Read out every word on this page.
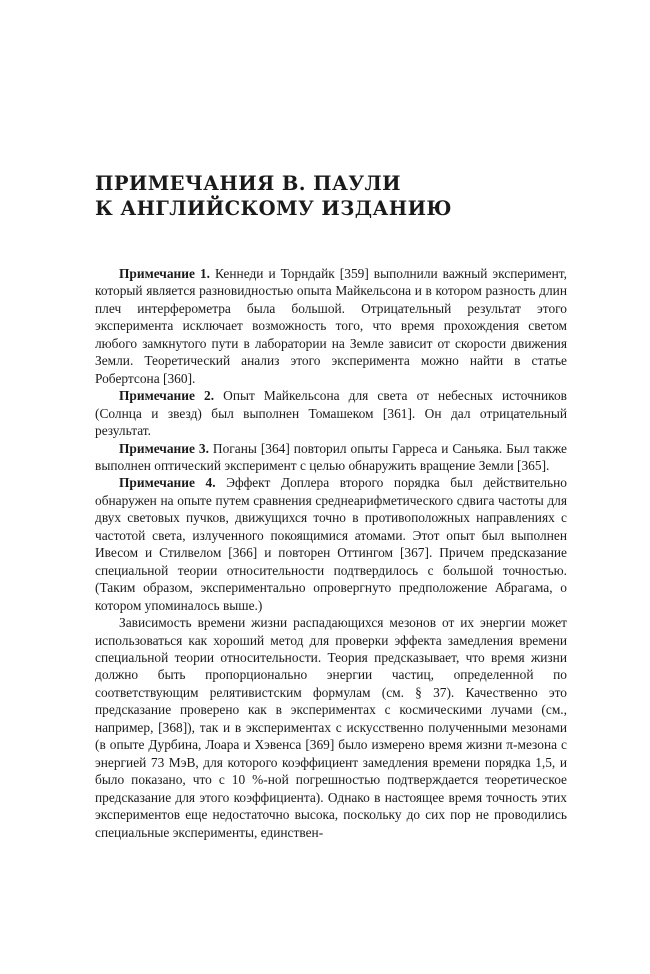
ПРИМЕЧАНИЯ В. ПАУЛИ
К АНГЛИЙСКОМУ ИЗДАНИЮ

Примечание 1. Кеннеди и Торндайк [359] выполнили важный эксперимент, который является разновидностью опыта Майкельсона и в котором разность длин плеч интерферометра была большой. Отрицательный результат этого эксперимента исключает возможность того, что время прохождения светом любого замкнутого пути в лаборатории на Земле зависит от скорости движения Земли. Теоретический анализ этого эксперимента можно найти в статье Робертсона [360].

Примечание 2. Опыт Майкельсона для света от небесных источников (Солнца и звезд) был выполнен Томашеком [361]. Он дал отрицательный результат.

Примечание 3. Поганы [364] повторил опыты Гарреса и Саньяка. Был также выполнен оптический эксперимент с целью обнаружить вращение Земли [365].

Примечание 4. Эффект Доплера второго порядка был действительно обнаружен на опыте путем сравнения среднеарифметического сдвига частоты для двух световых пучков, движущихся точно в противоположных направлениях с частотой света, излученного покоящимися атомами. Этот опыт был выполнен Ивесом и Стилвелом [366] и повторен Оттингом [367]. Причем предсказание специальной теории относительности подтвердилось с большой точностью. (Таким образом, экспериментально опровергнуто предположение Абрагама, о котором упоминалось выше.)

Зависимость времени жизни распадающихся мезонов от их энергии может использоваться как хороший метод для проверки эффекта замедления времени специальной теории относительности. Теория предсказывает, что время жизни должно быть пропорционально энергии частиц, определенной по соответствующим релятивистским формулам (см. § 37). Качественно это предсказание проверено как в экспериментах с космическими лучами (см., например, [368]), так и в экспериментах с искусственно полученными мезонами (в опыте Дурбина, Лоара и Хэвенса [369] было измерено время жизни π-мезона с энергией 73 МэВ, для которого коэффициент замедления времени порядка 1,5, и было показано, что с 10 %-ной погрешностью подтверждается теоретическое предсказание для этого коэффициента). Однако в настоящее время точность этих экспериментов еще недостаточно высока, поскольку до сих пор не проводились специальные эксперименты, единствен-
